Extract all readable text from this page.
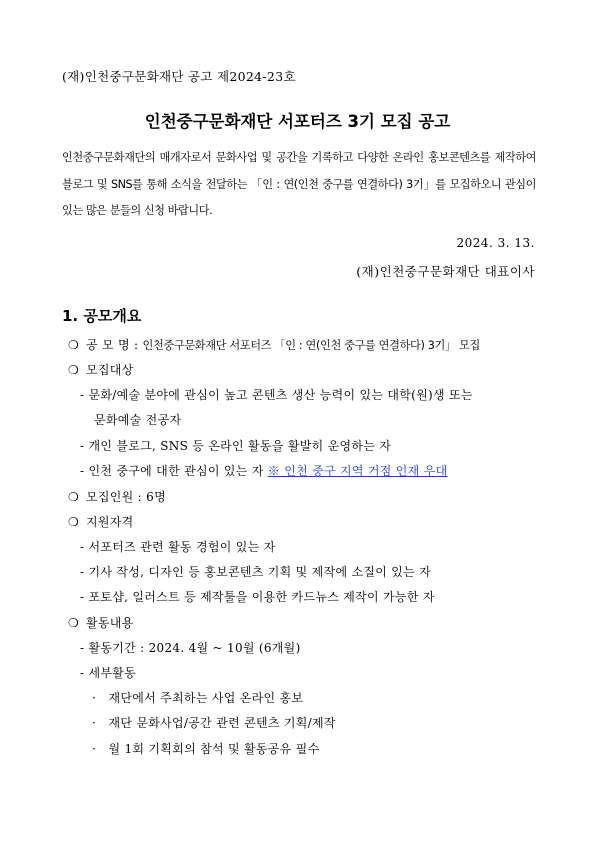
(재)인천중구문화재단 공고 제2024-23호
인천중구문화재단 서포터즈 3기 모집 공고

인천중구문화재단의 매개자로서 문화사업 및 공간을 기록하고 다양한 온라인 홍보콘텐츠를 제작하여 블로그 및 SNS를 통해 소식을 전달하는 「인 : 연(인천 중구를 연결하다) 3기」를 모집하오니 관심이 있는 많은 분들의 신청 바랍니다.

2024. 3. 13.
(재)인천중구문화재단 대표이사
1. 공모개요
❍ 공 모 명 : 인천중구문화재단 서포터즈 「인 : 연(인천 중구를 연결하다) 3기」 모집
❍ 모집대상
- 문화/예술 분야에 관심이 높고 콘텐츠 생산 능력이 있는 대학(원)생 또는
문화예술 전공자
- 개인 블로그, SNS 등 온라인 활동을 활발히 운영하는 자
- 인천 중구에 대한 관심이 있는 자 ※ 인천 중구 지역 거점 인재 우대
❍ 모집인원 : 6명
❍ 지원자격
- 서포터즈 관련 활동 경험이 있는 자
- 기사 작성, 디자인 등 홍보콘텐츠 기획 및 제작에 소질이 있는 자
- 포토샵, 일러스트 등 제작툴을 이용한 카드뉴스 제작이 가능한 자
❍ 활동내용
- 활동기간 : 2024. 4월 ~ 10월 (6개월)
- 세부활동
· 재단에서 주최하는 사업 온라인 홍보
· 재단 문화사업/공간 관련 콘텐츠 기획/제작
· 월 1회 기획회의 참석 및 활동공유 필수
